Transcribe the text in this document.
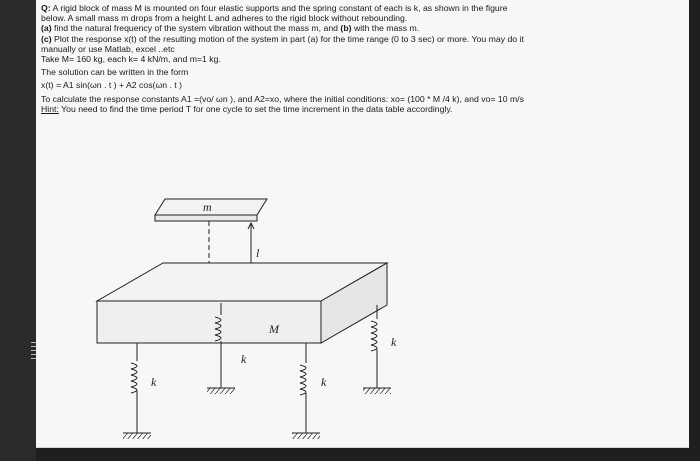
Q: A rigid block of mass M is mounted on four elastic supports and the spring constant of each is k, as shown in the figure
below. A small mass m drops from a height L and adheres to the rigid block without rebounding.
(a) find the natural frequency of the system vibration without the mass m, and (b) with the mass m.
(c) Plot the response x(t) of the resulting motion of the system in part (a) for the time range (0 to 3 sec) or more. You may do it
manually or use Matlab, excel ..etc
Take M= 160 kg, each k= 4 kN/m, and m=1 kg.
The solution can be written in the form
x(t) = A1 sin(ωn . t ) + A2 cos(ωn . t )
To calculate the response constants A1 =(vo/ ωn ), and A2=xo, where the initial conditions: xo= (100 * M /4 k), and vo= 10 m/s
Hint: You need to find the time period T for one cycle to set the time increment in the data table accordingly.
m
l
M
k
k
k
k
